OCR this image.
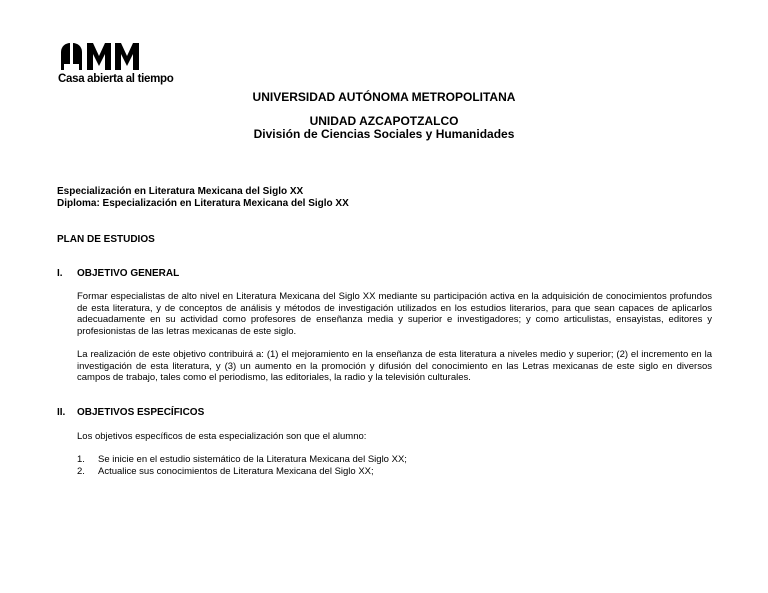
Casa abierta al tiempo
UNIVERSIDAD AUTÓNOMA METROPOLITANA
UNIDAD AZCAPOTZALCO
División de Ciencias Sociales y Humanidades
Especialización en Literatura Mexicana del Siglo XX
Diploma: Especialización en Literatura Mexicana del Siglo XX
PLAN DE ESTUDIOS
I. OBJETIVO GENERAL
Formar especialistas de alto nivel en Literatura Mexicana del Siglo XX mediante su participación activa en la adquisición de conocimientos profundos de esta literatura, y de conceptos de análisis y métodos de investigación utilizados en los estudios literarios, para que sean capaces de aplicarlos adecuadamente en su actividad como profesores de enseñanza media y superior e investigadores; y como articulistas, ensayistas, editores y profesionistas de las letras mexicanas de este siglo.
La realización de este objetivo contribuirá a: (1) el mejoramiento en la enseñanza de esta literatura a niveles medio y superior; (2) el incremento en la investigación de esta literatura, y (3) un aumento en la promoción y difusión del conocimiento en las Letras mexicanas de este siglo en diversos campos de trabajo, tales como el periodismo, las editoriales, la radio y la televisión culturales.
II. OBJETIVOS ESPECÍFICOS
Los objetivos específicos de esta especialización son que el alumno:
1. Se inicie en el estudio sistemático de la Literatura Mexicana del Siglo XX;
2. Actualice sus conocimientos de Literatura Mexicana del Siglo XX;
